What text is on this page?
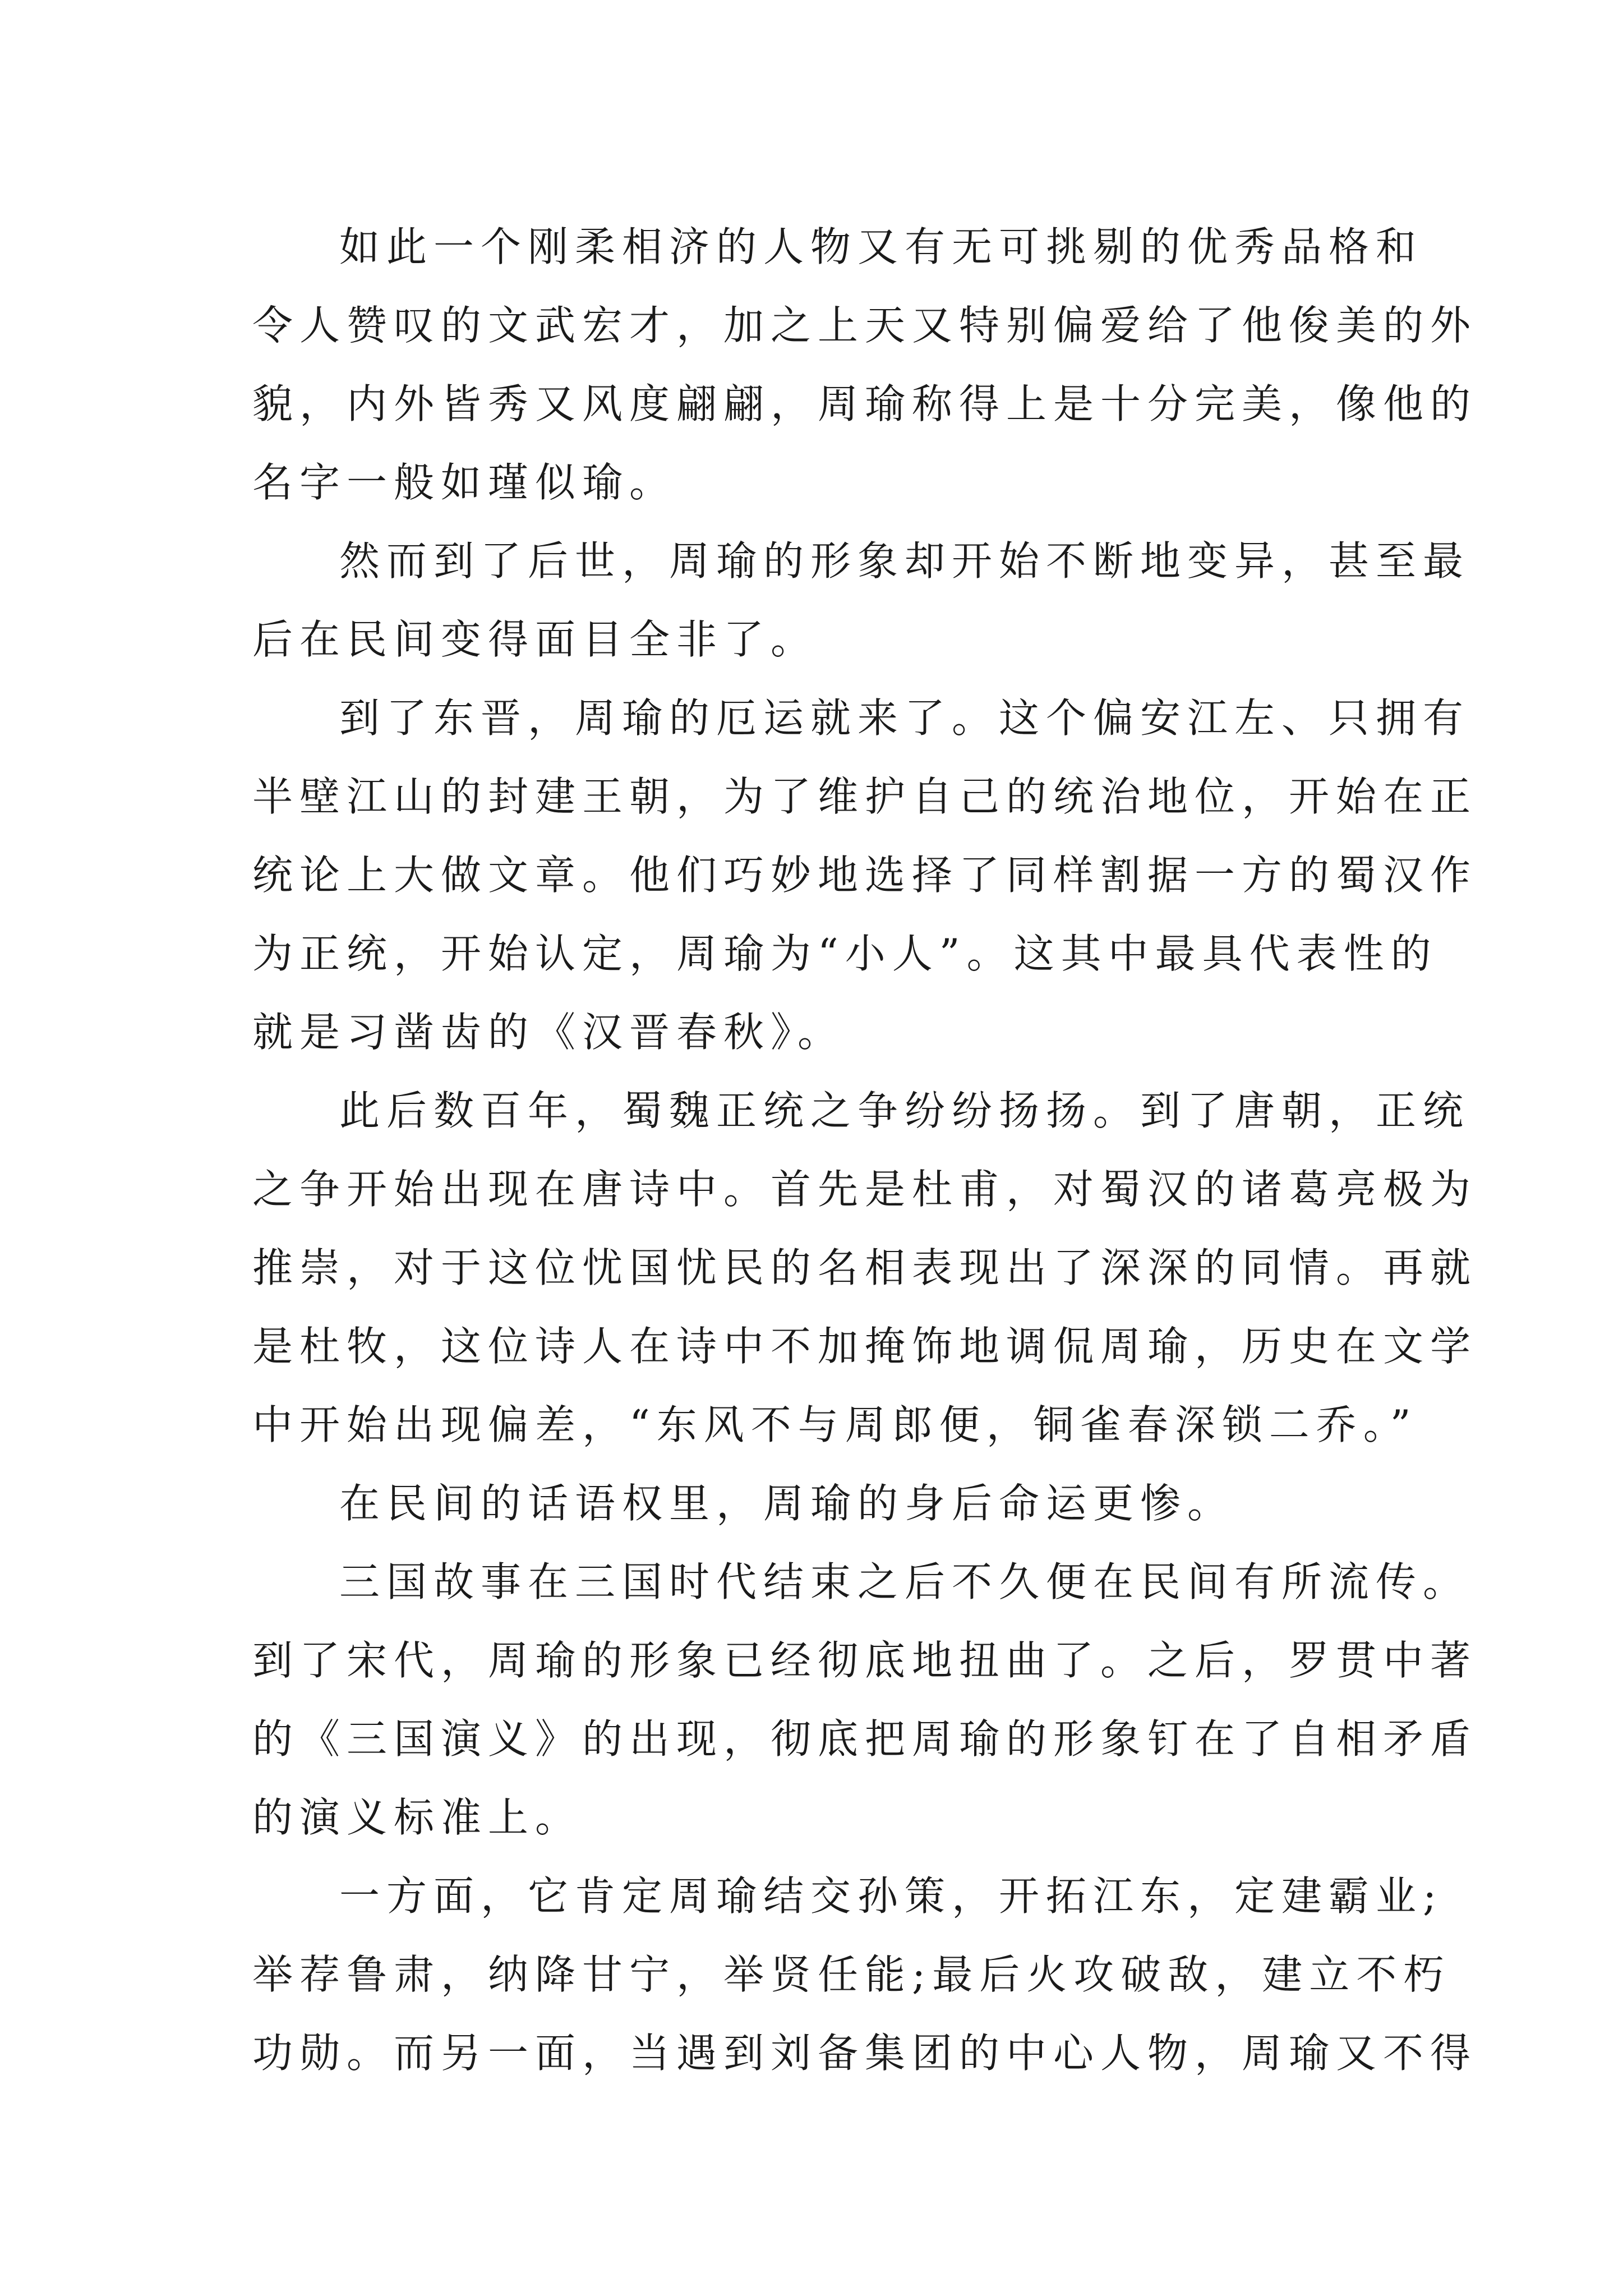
如此一个刚柔相济的人物又有无可挑剔的优秀品格和
令人赞叹的文武宏才，加之上天又特别偏爱给了他俊美的外
貌，内外皆秀又风度翩翩，周瑜称得上是十分完美，像他的
名字一般如瑾似瑜。
然而到了后世，周瑜的形象却开始不断地变异，甚至最
后在民间变得面目全非了。
到了东晋，周瑜的厄运就来了。这个偏安江左、只拥有
半壁江山的封建王朝，为了维护自己的统治地位，开始在正
统论上大做文章。他们巧妙地选择了同样割据一方的蜀汉作
为正统，开始认定，周瑜为“小人”。这其中最具代表性的
就是习凿齿的《汉晋春秋》。
此后数百年，蜀魏正统之争纷纷扬扬。到了唐朝，正统
之争开始出现在唐诗中。首先是杜甫，对蜀汉的诸葛亮极为
推崇，对于这位忧国忧民的名相表现出了深深的同情。再就
是杜牧，这位诗人在诗中不加掩饰地调侃周瑜，历史在文学
中开始出现偏差，“东风不与周郎便，铜雀春深锁二乔。”
在民间的话语权里，周瑜的身后命运更惨。
三国故事在三国时代结束之后不久便在民间有所流传。
到了宋代，周瑜的形象已经彻底地扭曲了。之后，罗贯中著
的《三国演义》的出现，彻底把周瑜的形象钉在了自相矛盾
的演义标准上。
一方面，它肯定周瑜结交孙策，开拓江东，定建霸业;
举荐鲁肃，纳降甘宁，举贤任能;最后火攻破敌，建立不朽
功勋。而另一面，当遇到刘备集团的中心人物，周瑜又不得
